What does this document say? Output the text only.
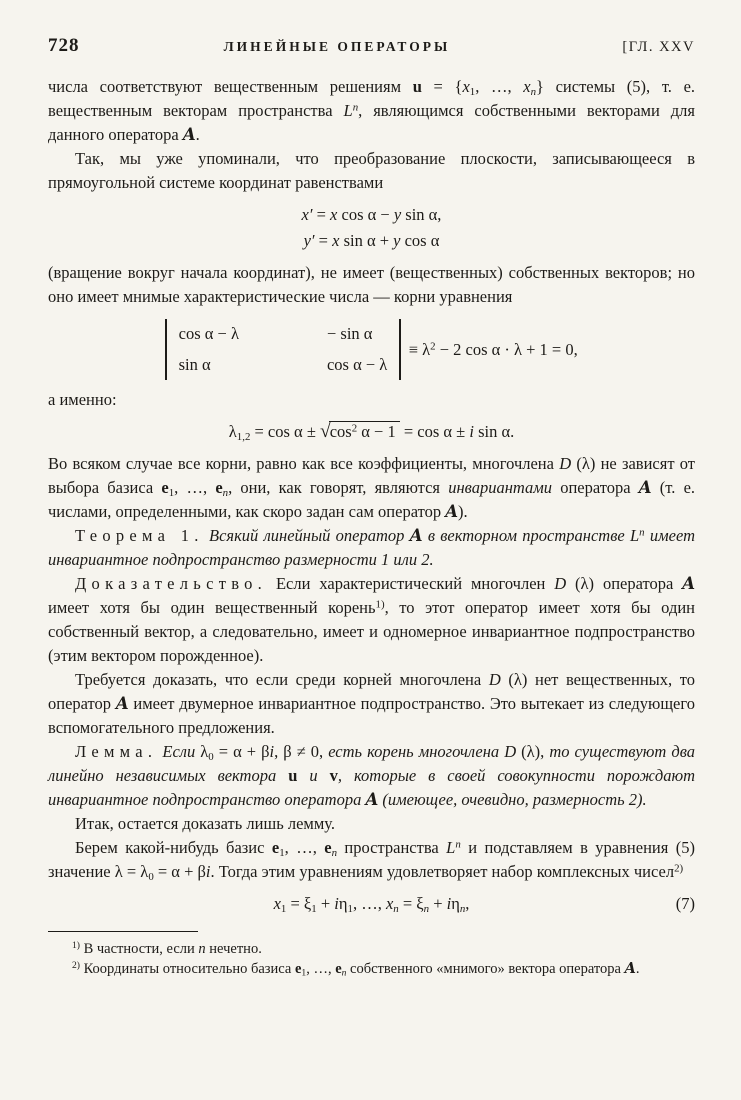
728	ЛИНЕЙНЫЕ ОПЕРАТОРЫ	[ГЛ. XXV
числа соответствуют вещественным решениям $u = \{x_1$, …, $x_n$} системы (5), т. е. вещественным векторам пространства $L^n$, являющимся собственными векторами для данного оператора A.
Так, мы уже упоминали, что преобразование плоскости, записывающееся в прямоугольной системе координат равенствами
x′ = x cos α − y sin α,
y′ = x sin α + y cos α
(вращение вокруг начала координат), не имеет (вещественных) собственных векторов; но оно имеет мнимые характеристические числа — корни уравнения
cos α − λ	− sin α
sin α	cos α − λ
≡ $\lambda^2 - 2$ cos α · λ + 1 = 0,
а именно:
$\lambda_{1,2} = \cos \alpha \pm √\cos^2$ α − 1 = cos α ± i sin α.
Во всяком случае все корни, равно как все коэффициенты, многочлена D (λ) не зависят от выбора базиса $e_1$, …, $e_n$, они, как говорят, являются инвариантами оператора A (т. е. числами, определенными, как скоро задан сам оператор A).
Теорема 1. Всякий линейный оператор A в векторном пространстве $L^n$ имеет инвариантное подпространство размерности 1 или 2.
Доказательство. Если характеристический многочлен D (λ) оператора A имеет хотя бы один вещественный корень$^{1)}$, то этот оператор имеет хотя бы один собственный вектор, а следовательно, имеет и одномерное инвариантное подпространство (этим вектором порожденное).
Требуется доказать, что если среди корней многочлена D (λ) нет вещественных, то оператор A имеет двумерное инвариантное подпространство. Это вытекает из следующего вспомогательного предложения.
Лемма. Если $\lambda_0 = \alpha + \beta i$, β ≠ 0, есть корень многочлена D (λ), то существуют два линейно независимых вектора u и v, которые в своей совокупности порождают инвариантное подпространство оператора A (имеющее, очевидно, размерность 2).
Итак, остается доказать лишь лемму.
Берем какой-нибудь базис $e_1$, …, $e_n$ пространства $L^n$ и подставляем в уравнения (5) значение $\lambda = \lambda_0 = \alpha + \beta i$. Тогда этим уравнениям удовлетворяет набор комплексных чисел$^{2)}$
$x_1 = \xi_1 + i\eta_1$, …, $x_n = \xi_n + i\eta_n$,	(7)
$^{1)}$ В частности, если n нечетно.
$^{2)}$ Координаты относительно базиса $e_1$, …, $e_n$ собственного «мнимого» вектора оператора A.
